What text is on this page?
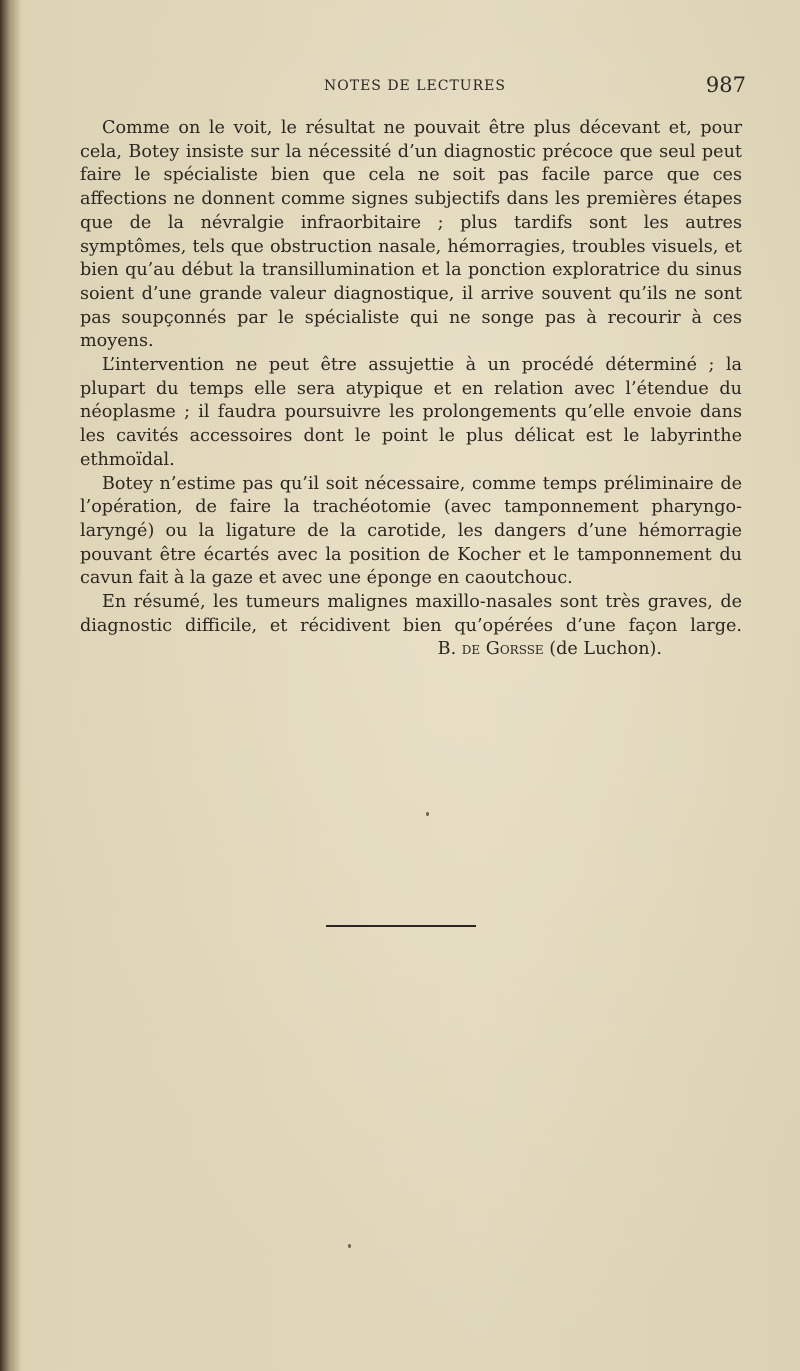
NOTES DE LECTURES	987

Comme on le voit, le résultat ne pouvait être plus décevant et, pour cela, Botey insiste sur la nécessité d’un diagnostic précoce que seul peut faire le spécialiste bien que cela ne soit pas facile parce que ces affections ne donnent comme signes subjectifs dans les premières étapes que de la névralgie infraorbitaire ; plus tardifs sont les autres symptômes, tels que obstruction nasale, hémorragies, troubles visuels, et bien qu’au début la transillumination et la ponction exploratrice du sinus soient d’une grande valeur diagnostique, il arrive souvent qu’ils ne sont pas soupçonnés par le spécialiste qui ne songe pas à recourir à ces moyens.

L’intervention ne peut être assujettie à un procédé déterminé ; la plupart du temps elle sera atypique et en relation avec l’étendue du néoplasme ; il faudra poursuivre les prolongements qu’elle envoie dans les cavités accessoires dont le point le plus délicat est le labyrinthe ethmoïdal.

Botey n’estime pas qu’il soit nécessaire, comme temps préliminaire de l’opération, de faire la trachéotomie (avec tamponnement pharyngo-laryngé) ou la ligature de la carotide, les dangers d’une hémorragie pouvant être écartés avec la position de Kocher et le tamponnement du cavun fait à la gaze et avec une éponge en caoutchouc.

En résumé, les tumeurs malignes maxillo-nasales sont très graves, de diagnostic difficile, et récidivent bien qu’opérées d’une façon large.
B. de Gorsse (de Luchon).
